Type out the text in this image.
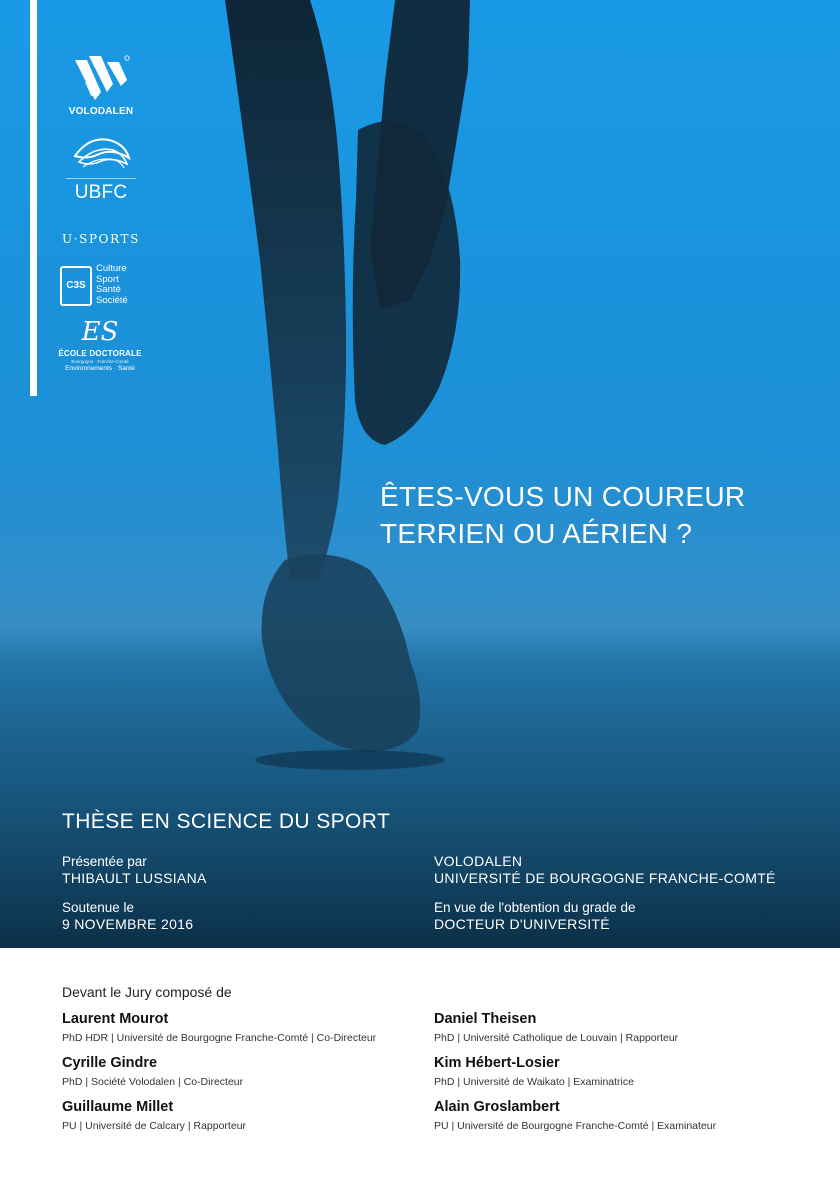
VOLODALEN
UBFC
U·SPORTS
C3S
Culture
Sport
Santé
Société
ES
ÉCOLE DOCTORALE
Bourgogne · Franche-Comté
Environnements · Santé
ÊTES-VOUS UN COUREUR
TERRIEN OU AÉRIEN ?
THÈSE EN SCIENCE DU SPORT
Présentée par
THIBAULT LUSSIANA
Soutenue le
9 NOVEMBRE 2016
VOLODALEN
UNIVERSITÉ DE BOURGOGNE FRANCHE-COMTÉ
En vue de l'obtention du grade de
DOCTEUR D'UNIVERSITÉ
Devant le Jury composé de
Laurent Mourot
PhD HDR | Université de Bourgogne Franche-Comté | Co-Directeur
Cyrille Gindre
PhD | Société Volodalen | Co-Directeur
Guillaume Millet
PU | Université de Calcary | Rapporteur
Daniel Theisen
PhD | Université Catholique de Louvain | Rapporteur
Kim Hébert-Losier
PhD | Université de Waikato | Examinatrice
Alain Groslambert
PU | Université de Bourgogne Franche-Comté | Examinateur
